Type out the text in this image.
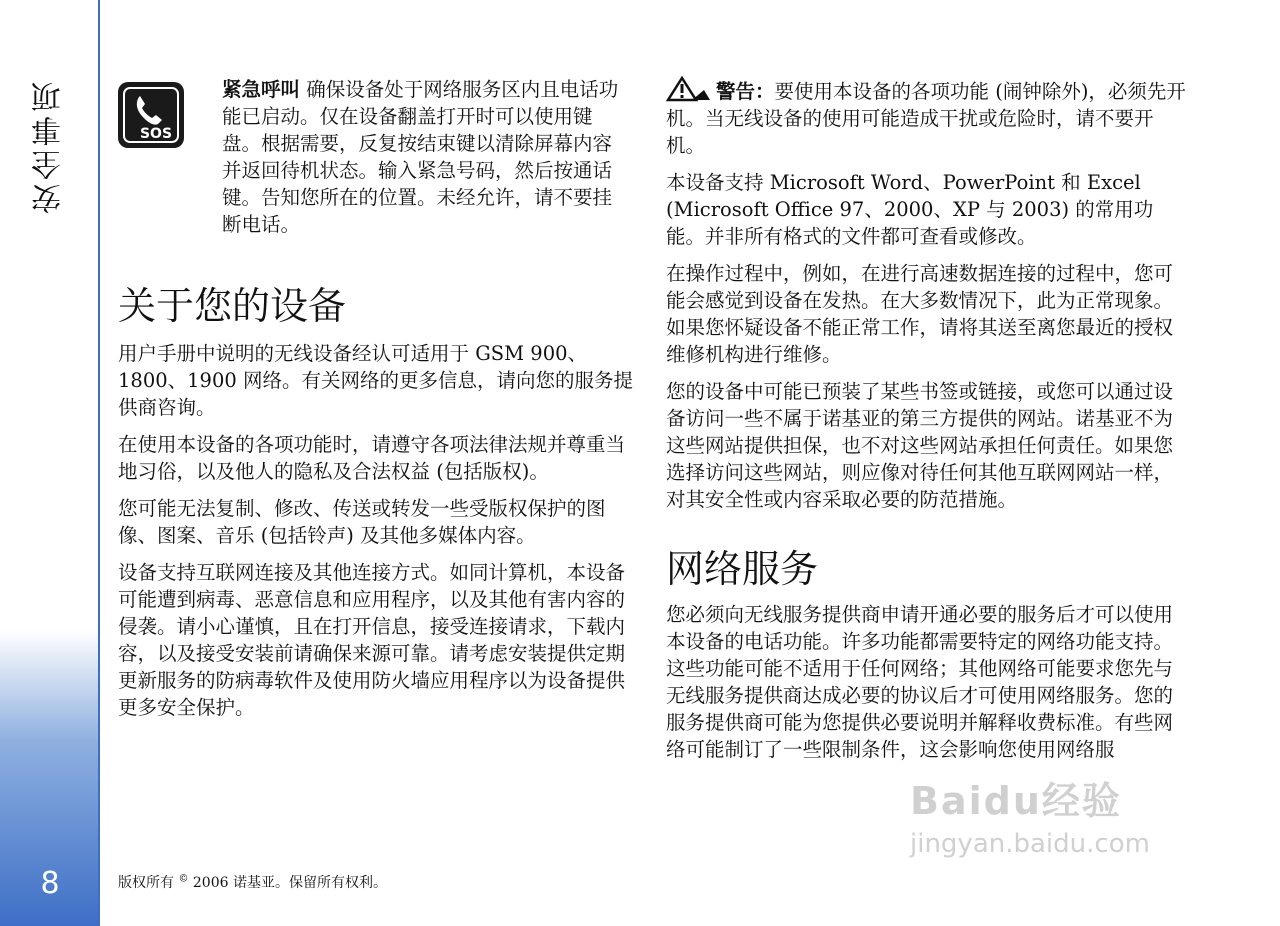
安全事项
8
SOS

紧急呼叫 确保设备处于网络服务区内且电话功能已启动。仅在设备翻盖打开时可以使用键盘。根据需要，反复按结束键以清除屏幕内容并返回待机状态。输入紧急号码，然后按通话键。告知您所在的位置。未经允许，请不要挂断电话。

关于您的设备

用户手册中说明的无线设备经认可适用于 GSM 900、1800、1900 网络。有关网络的更多信息，请向您的服务提供商咨询。

在使用本设备的各项功能时，请遵守各项法律法规并尊重当地习俗，以及他人的隐私及合法权益 (包括版权)。

您可能无法复制、修改、传送或转发一些受版权保护的图像、图案、音乐 (包括铃声) 及其他多媒体内容。

设备支持互联网连接及其他连接方式。如同计算机，本设备可能遭到病毒、恶意信息和应用程序，以及其他有害内容的侵袭。请小心谨慎，且在打开信息，接受连接请求，下载内容，以及接受安装前请确保来源可靠。请考虑安装提供定期更新服务的防病毒软件及使用防火墙应用程序以为设备提供更多安全保护。

警告：要使用本设备的各项功能 (闹钟除外)，必须先开机。当无线设备的使用可能造成干扰或危险时，请不要开机。

本设备支持 Microsoft Word、PowerPoint 和 Excel (Microsoft Office 97、2000、XP 与 2003) 的常用功能。并非所有格式的文件都可查看或修改。

在操作过程中，例如，在进行高速数据连接的过程中，您可能会感觉到设备在发热。在大多数情况下，此为正常现象。如果您怀疑设备不能正常工作，请将其送至离您最近的授权维修机构进行维修。

您的设备中可能已预装了某些书签或链接，或您可以通过设备访问一些不属于诺基亚的第三方提供的网站。诺基亚不为这些网站提供担保，也不对这些网站承担任何责任。如果您选择访问这些网站，则应像对待任何其他互联网网站一样，对其安全性或内容采取必要的防范措施。

网络服务

您必须向无线服务提供商申请开通必要的服务后才可以使用本设备的电话功能。许多功能都需要特定的网络功能支持。这些功能可能不适用于任何网络；其他网络可能要求您先与无线服务提供商达成必要的协议后才可使用网络服务。您的服务提供商可能为您提供必要说明并解释收费标准。有些网络可能制订了一些限制条件，这会影响您使用网络服

版权所有 © 2006 诺基亚。保留所有权利。
Baidu经验
jingyan.baidu.com
